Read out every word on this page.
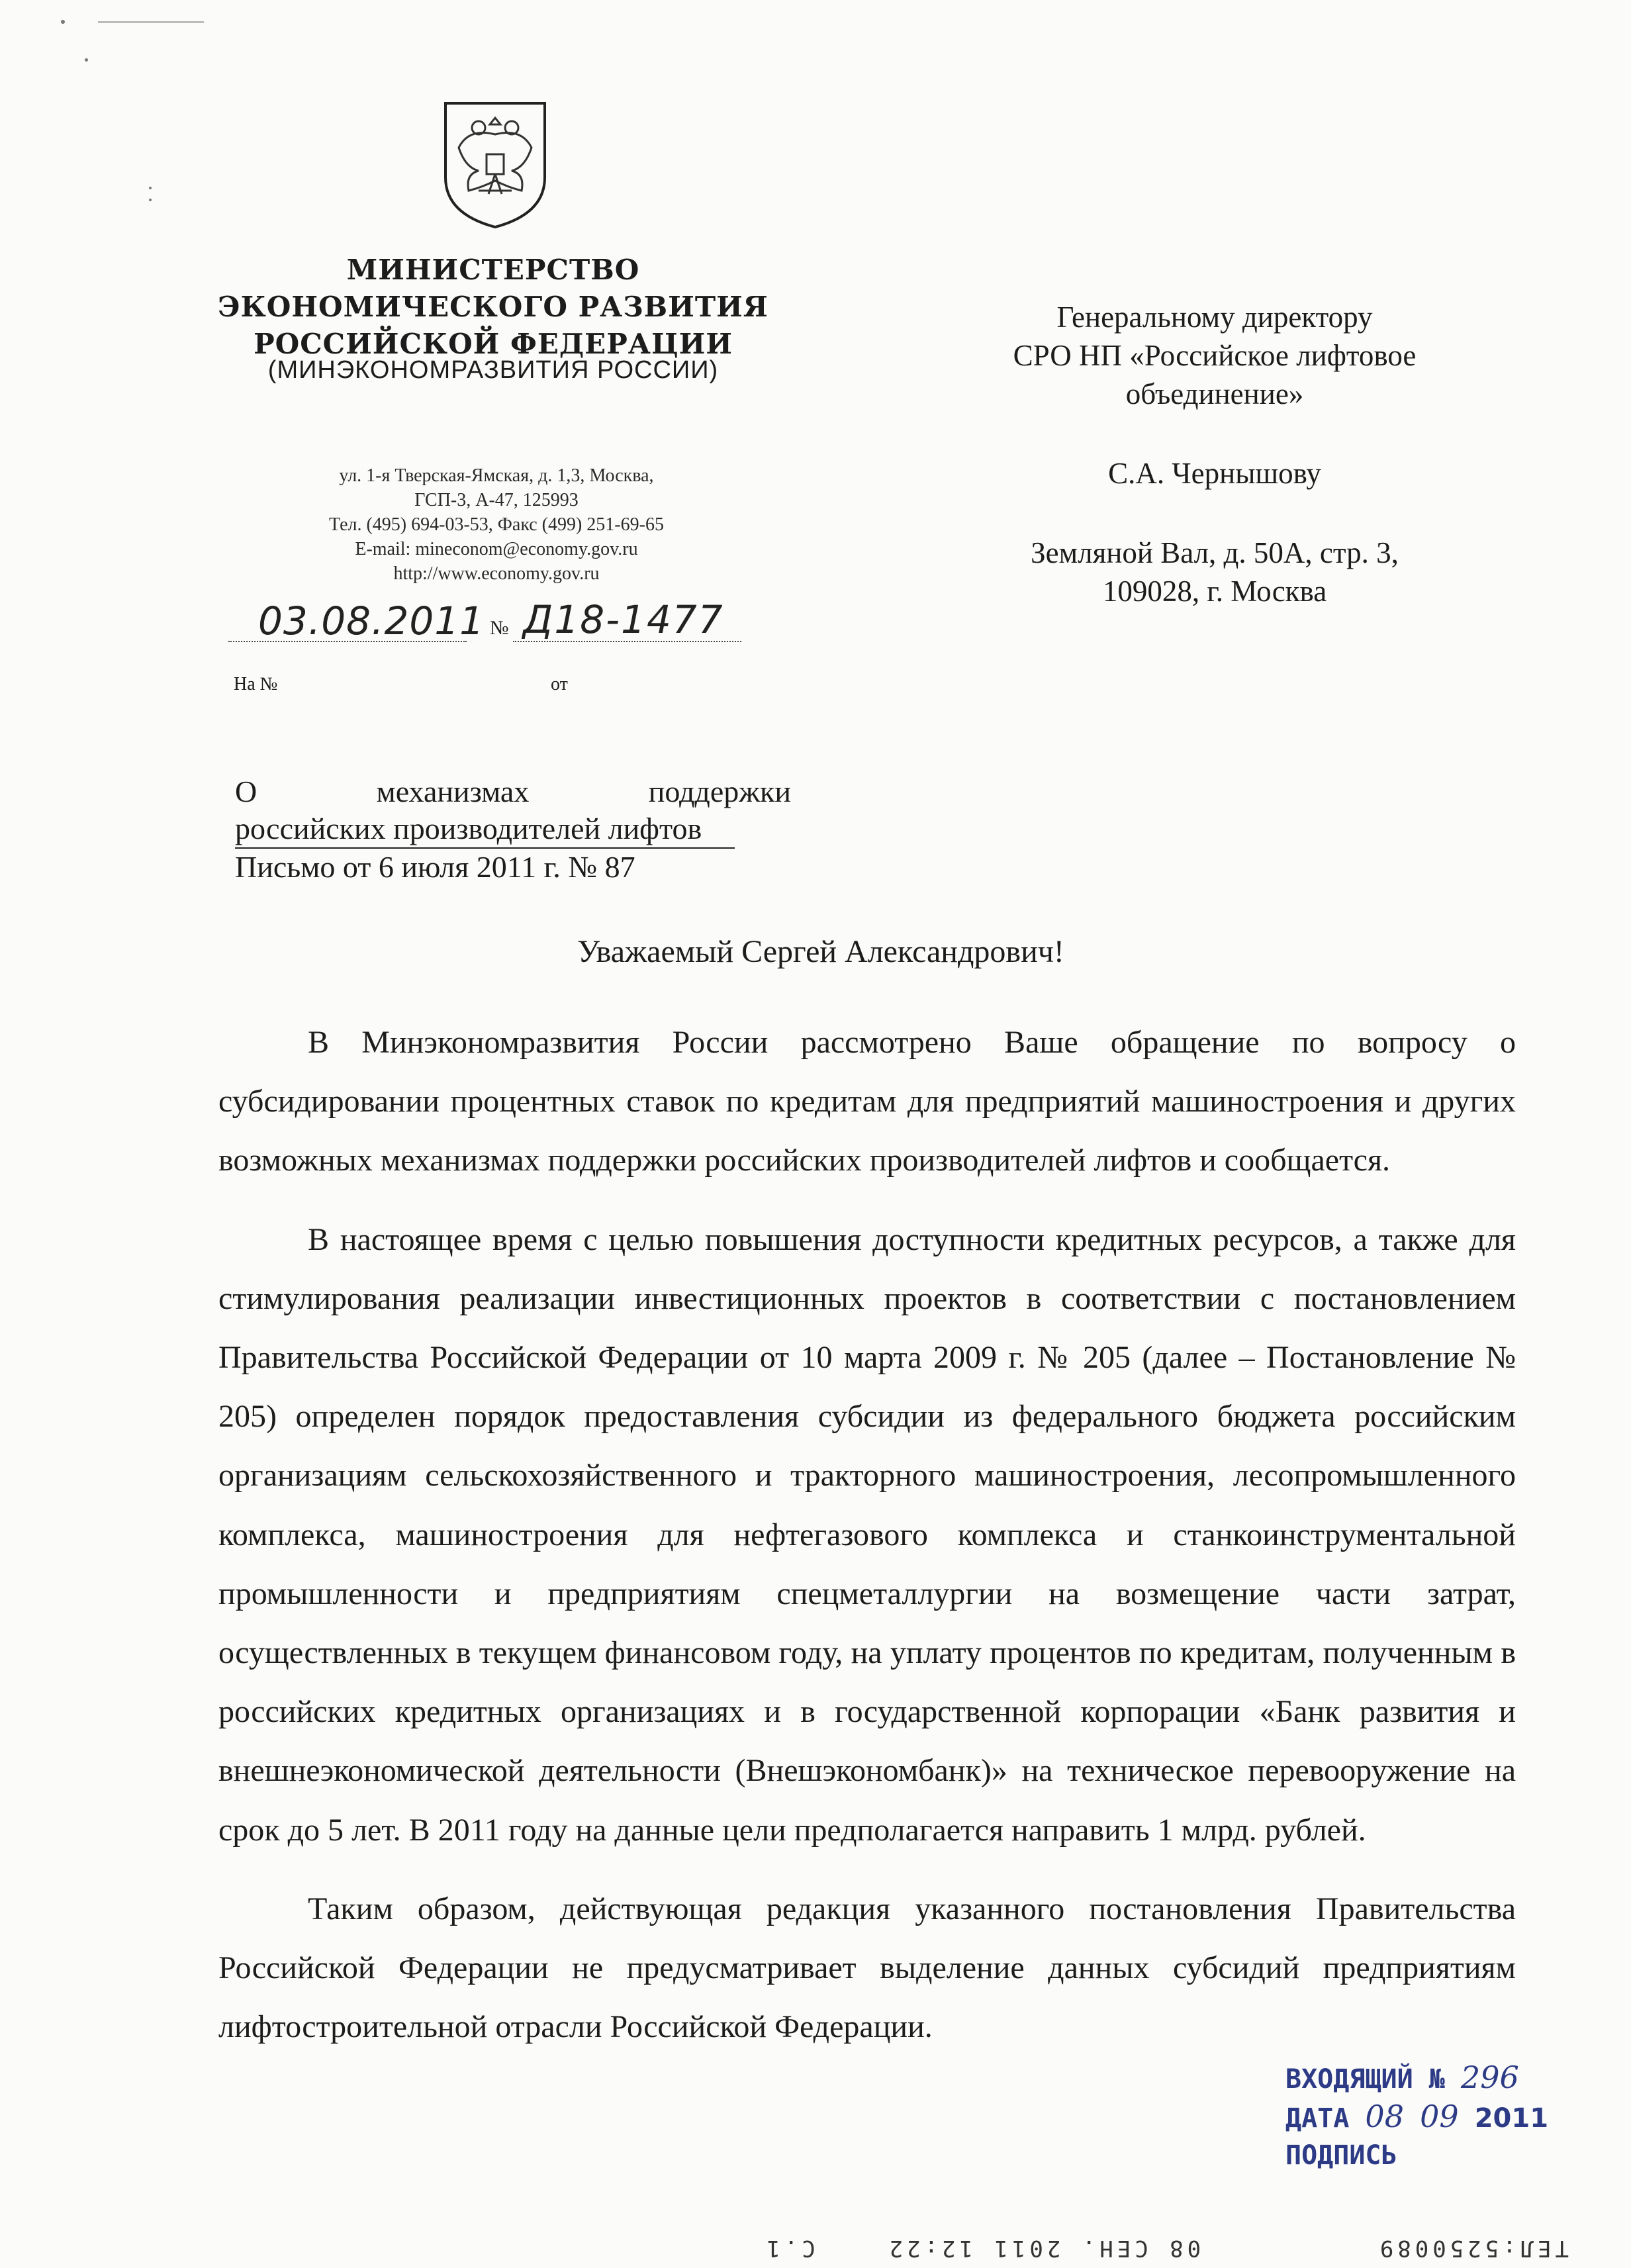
МИНИСТЕРСТВО
ЭКОНОМИЧЕСКОГО РАЗВИТИЯ
РОССИЙСКОЙ ФЕДЕРАЦИИ
(МИНЭКОНОМРАЗВИТИЯ РОССИИ)
ул. 1-я Тверская-Ямская, д. 1,3, Москва,
ГСП-3, А-47, 125993
Тел. (495) 694-03-53, Факс (499) 251-69-65
E-mail: mineconom@economy.gov.ru
http://www.economy.gov.ru
03.08.2011 № Д18-1477
На №	от

Генеральному директору

СРО НП «Российское лифтовое

объединение»

С.А. Чернышову

Земляной Вал, д. 50А, стр. 3,

109028, г. Москва

О	механизмах	поддержки
российских производителей лифтов
Письмо от 6 июля 2011 г. № 87
Уважаемый Сергей Александрович!

В Минэкономразвития России рассмотрено Ваше обращение по вопросу о субсидировании процентных ставок по кредитам для предприятий машиностроения и других возможных механизмах поддержки российских производителей лифтов и сообщается.

В настоящее время с целью повышения доступности кредитных ресурсов, а также для стимулирования реализации инвестиционных проектов в соответствии с постановлением Правительства Российской Федерации от 10 марта 2009 г. № 205 (далее – Постановление № 205) определен порядок предоставления субсидии из федерального бюджета российским организациям сельскохозяйственного и тракторного машиностроения, лесопромышленного комплекса, машиностроения для нефтегазового комплекса и станкоинструментальной промышленности и предприятиям спецметаллургии на возмещение части затрат, осуществленных в текущем финансовом году, на уплату процентов по кредитам, полученным в российских кредитных организациях и в государственной корпорации «Банк развития и внешнеэкономической деятельности (Внешэкономбанк)» на техническое перевооружение на срок до 5 лет. В 2011 году на данные цели предполагается направить 1 млрд. рублей.

Таким образом, действующая редакция указанного постановления Правительства Российской Федерации не предусматривает выделение данных субсидий предприятиям лифтостроительной отрасли Российской Федерации.

ВХОДЯЩИЙ № 296
ДАТА 08 09 2011
ПОДПИСЬ
ТЕЛ:5250089          08 СЕН. 2011 12:22    С.1
